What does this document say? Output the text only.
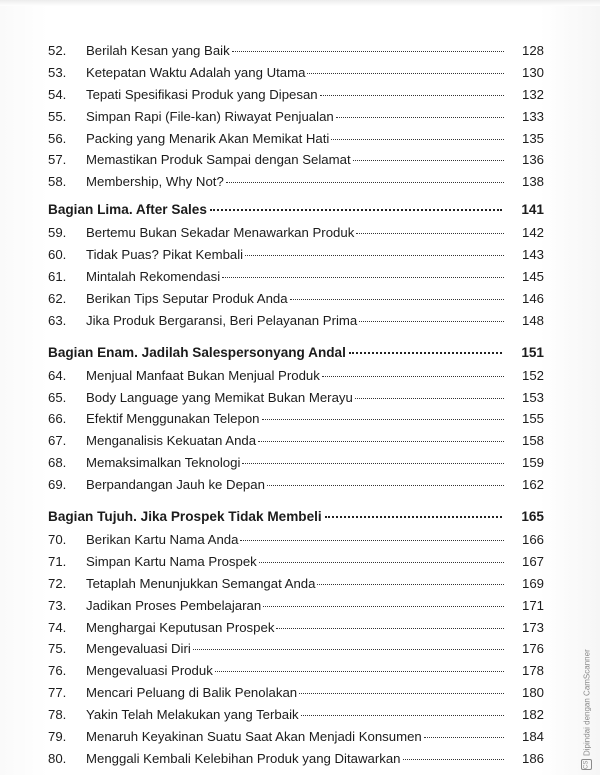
52.	Berilah Kesan yang Baik	128
53.	Ketepatan Waktu Adalah yang Utama	130
54.	Tepati Spesifikasi Produk yang Dipesan	132
55.	Simpan Rapi (File-kan) Riwayat Penjualan	133
56.	Packing yang Menarik Akan Memikat Hati	135
57.	Memastikan Produk Sampai dengan Selamat	136
58.	Membership, Why Not?	138
Bagian Lima. After Sales	141
59.	Bertemu Bukan Sekadar Menawarkan Produk	142
60.	Tidak Puas? Pikat Kembali	143
61.	Mintalah Rekomendasi	145
62.	Berikan Tips Seputar Produk Anda	146
63.	Jika Produk Bergaransi, Beri Pelayanan Prima	148
Bagian Enam. Jadilah Salespersonyang Andal	151
64.	Menjual Manfaat Bukan Menjual Produk	152
65.	Body Language yang Memikat Bukan Merayu	153
66.	Efektif Menggunakan Telepon	155
67.	Menganalisis Kekuatan Anda	158
68.	Memaksimalkan Teknologi	159
69.	Berpandangan Jauh ke Depan	162
Bagian Tujuh. Jika Prospek Tidak Membeli	165
70.	Berikan Kartu Nama Anda	166
71.	Simpan Kartu Nama Prospek	167
72.	Tetaplah Menunjukkan Semangat Anda	169
73.	Jadikan Proses Pembelajaran	171
74.	Menghargai Keputusan Prospek	173
75.	Mengevaluasi Diri	176
76.	Mengevaluasi Produk	178
77.	Mencari Peluang di Balik Penolakan	180
78.	Yakin Telah Melakukan yang Terbaik	182
79.	Menaruh Keyakinan Suatu Saat Akan Menjadi Konsumen	184
80.	Menggali Kembali Kelebihan Produk yang Ditawarkan	186	CS
Dipindai dengan CamScanner
